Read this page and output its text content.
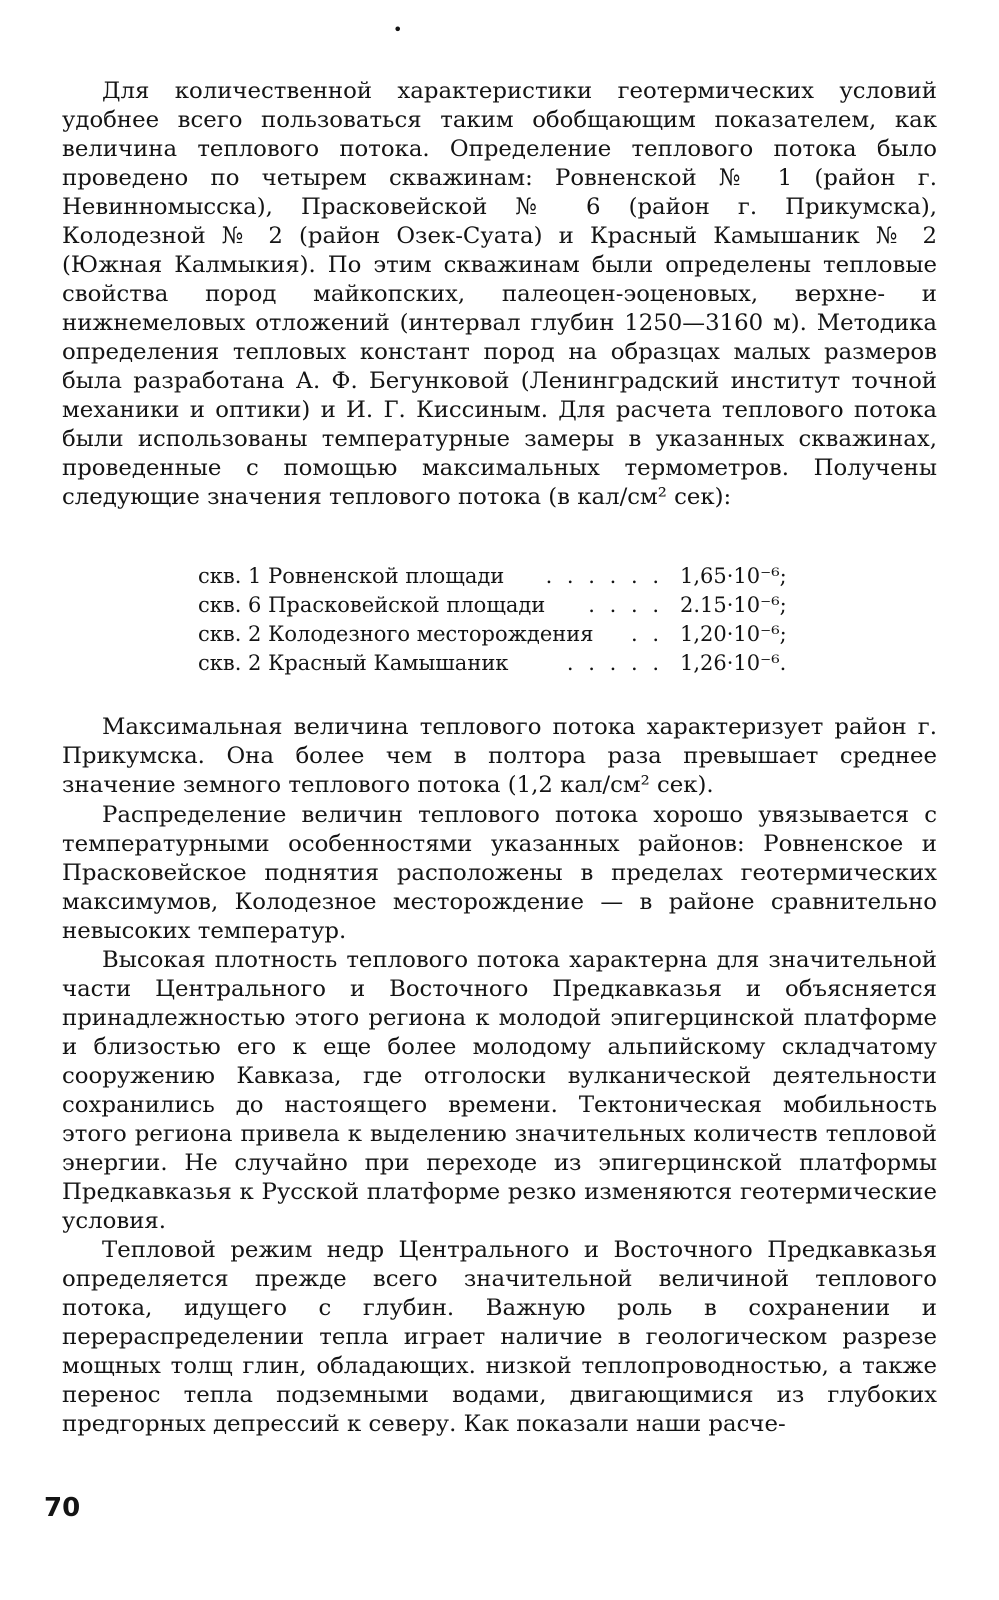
•

Для количественной характеристики геотермических условий удобнее всего пользоваться таким обобщающим показателем, как величина теплового потока. Определение теплового потока было проведено по четырем скважинам: Ровненской № 1 (район г. Невинномысска), Прасковейской № 6 (район г. Прикумска), Колодезной № 2 (район Озек-Суата) и Красный Камышаник № 2 (Южная Калмыкия). По этим скважинам были определены тепловые свойства пород майкопских, палеоцен-эоценовых, верхне- и нижнемеловых отложений (интервал глубин 1250—3160 м). Методика определения тепловых констант пород на образцах малых размеров была разработана А. Ф. Бегунковой (Ленинградский институт точной механики и оптики) и И. Г. Киссиным. Для расчета теплового потока были использованы температурные замеры в указанных скважинах, проведенные с помощью максимальных термометров. Получены следующие значения теплового потока (в кал/см² сек):

скв. 1 Ровненской площади . . . . . . 1,65·10⁻⁶;
скв. 6 Прасковейской площади . . . . 2.15·10⁻⁶;
скв. 2 Колодезного месторождения . . 1,20·10⁻⁶;
скв. 2 Красный Камышаник	. . . . . 1,26·10⁻⁶.

Максимальная величина теплового потока характеризует район г. Прикумска. Она более чем в полтора раза превышает среднее значение земного теплового потока (1,2 кал/см² сек).

Распределение величин теплового потока хорошо увязывается с температурными особенностями указанных районов: Ровненское и Прасковейское поднятия расположены в пределах геотермических максимумов, Колодезное месторождение — в районе сравнительно невысоких температур.

Высокая плотность теплового потока характерна для значительной части Центрального и Восточного Предкавказья и объясняется принадлежностью этого региона к молодой эпигерцинской платформе и близостью его к еще более молодому альпийскому складчатому сооружению Кавказа, где отголоски вулканической деятельности сохранились до настоящего времени. Тектоническая мобильность этого региона привела к выделению значительных количеств тепловой энергии. Не случайно при переходе из эпигерцинской платформы Предкавказья к Русской платформе резко изменяются геотермические условия.

Тепловой режим недр Центрального и Восточного Предкавказья определяется прежде всего значительной величиной теплового потока, идущего с глубин. Важную роль в сохранении и перераспределении тепла играет наличие в геологическом разрезе мощных толщ глин, обладающих. низкой теплопроводностью, а также перенос тепла подземными водами, двигающимися из глубоких предгорных депрессий к северу. Как показали наши расче-

70
